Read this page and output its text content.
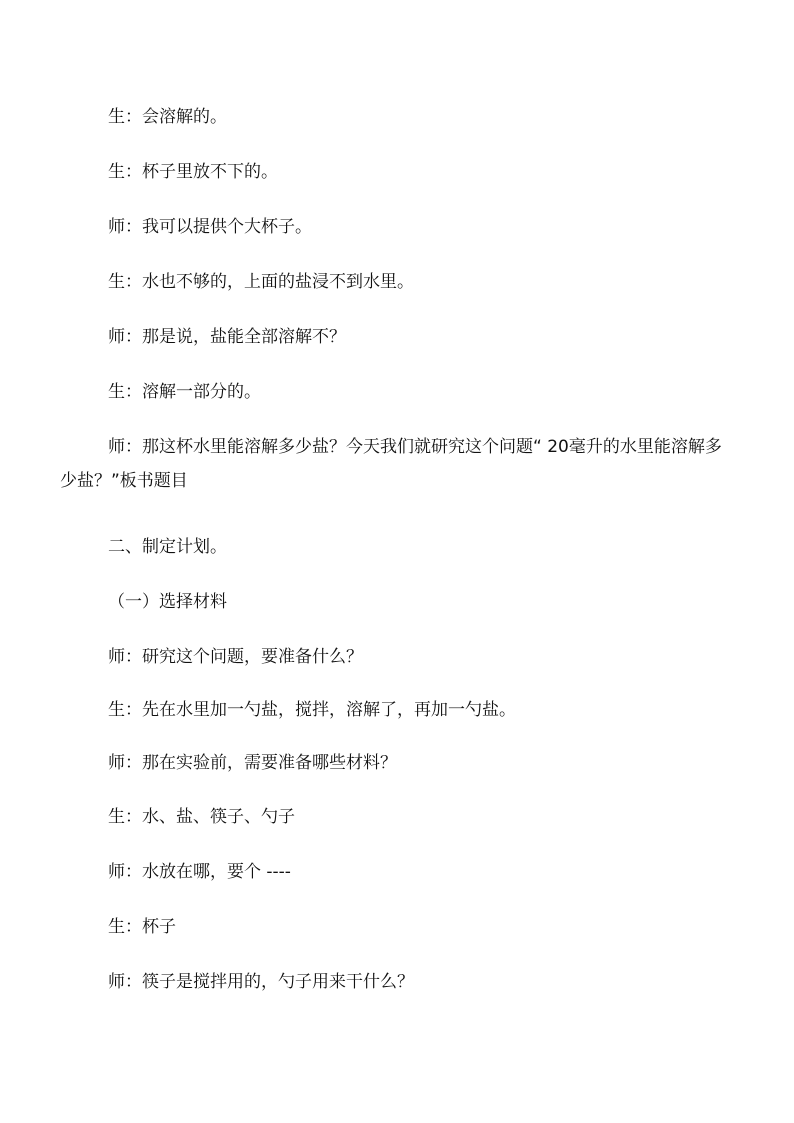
生：会溶解的。
生：杯子里放不下的。
师：我可以提供个大杯子。
生：水也不够的，上面的盐浸不到水里。
师：那是说，盐能全部溶解不？
生：溶解一部分的。
师：那这杯水里能溶解多少盐？今天我们就研究这个问题“ 20毫升的水里能溶解多少盐？”板书题目
二、制定计划。
（一）选择材料
师：研究这个问题，要准备什么？
生：先在水里加一勺盐，搅拌，溶解了，再加一勺盐。
师：那在实验前，需要准备哪些材料？
生：水、盐、筷子、勺子
师：水放在哪，要个 ----
生：杯子
师：筷子是搅拌用的，勺子用来干什么？
